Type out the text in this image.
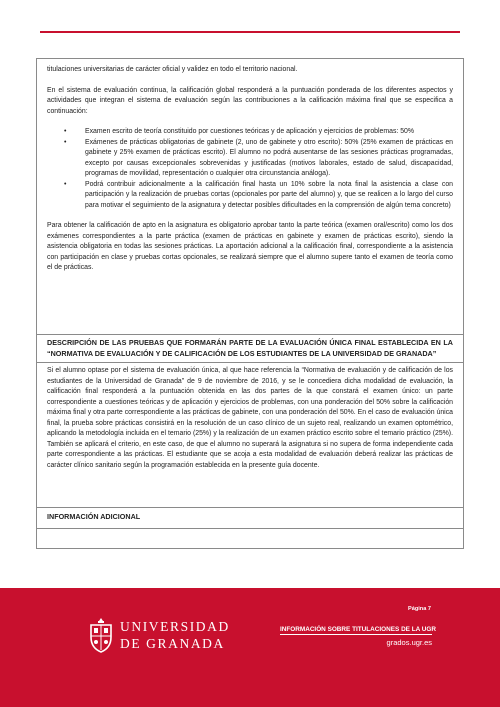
titulaciones universitarias de carácter oficial y validez en todo el territorio nacional.

En el sistema de evaluación continua, la calificación global responderá a la puntuación ponderada de los diferentes aspectos y actividades que integran el sistema de evaluación según las contribuciones a la calificación máxima final que se especifica a continuación:

• Examen escrito de teoría constituido por cuestiones teóricas y de aplicación y ejercicios de problemas: 50%
• Exámenes de prácticas obligatorias de gabinete (2, uno de gabinete y otro escrito): 50% (25% examen de prácticas en gabinete y 25% examen de prácticas escrito). El alumno no podrá ausentarse de las sesiones prácticas programadas, excepto por causas excepcionales sobrevenidas y justificadas (motivos laborales, estado de salud, discapacidad, programas de movilidad, representación o cualquier otra circunstancia análoga).
• Podrá contribuir adicionalmente a la calificación final hasta un 10% sobre la nota final la asistencia a clase con participación y la realización de pruebas cortas (opcionales por parte del alumno) y, que se realicen a lo largo del curso para motivar el seguimiento de la asignatura y detectar posibles dificultades en la comprensión de algún tema concreto)

Para obtener la calificación de apto en la asignatura es obligatorio aprobar tanto la parte teórica (examen oral/escrito) como los dos exámenes correspondientes a la parte práctica (examen de prácticas en gabinete y examen de prácticas escrito), siendo la asistencia obligatoria en todas las sesiones prácticas. La aportación adicional a la calificación final, correspondiente a la asistencia con participación en clase y pruebas cortas opcionales, se realizará siempre que el alumno supere tanto el examen de teoría como el de prácticas.

DESCRIPCIÓN DE LAS PRUEBAS QUE FORMARÁN PARTE DE LA EVALUACIÓN ÚNICA FINAL ESTABLECIDA EN LA “NORMATIVA DE EVALUACIÓN Y DE CALIFICACIÓN DE LOS ESTUDIANTES DE LA UNIVERSIDAD DE GRANADA”

Si el alumno optase por el sistema de evaluación única, al que hace referencia la “Normativa de evaluación y de calificación de los estudiantes de la Universidad de Granada” de 9 de noviembre de 2016, y se le concediera dicha modalidad de evaluación, la calificación final responderá a la puntuación obtenida en las dos partes de la que constará el examen único: un parte correspondiente a cuestiones teóricas y de aplicación y ejercicios de problemas, con una ponderación del 50% sobre la calificación máxima final y otra parte correspondiente a las prácticas de gabinete, con una ponderación del 50%. En el caso de evaluación única final, la prueba sobre prácticas consistirá en la resolución de un caso clínico de un sujeto real, realizando un examen optométrico, aplicando la metodología incluida en el temario (25%) y la realización de un examen práctico escrito sobre el temario práctico (25%). También se aplicará el criterio, en este caso, de que el alumno no superará la asignatura si no supera de forma independiente cada parte correspondiente a las prácticas. El estudiante que se acoja a esta modalidad de evaluación deberá realizar las prácticas de carácter clínico sanitario según la programación establecida en la presente guía docente.

INFORMACIÓN ADICIONAL

UNIVERSIDAD
DE GRANADA
Página 7
INFORMACIÓN SOBRE TITULACIONES DE LA UGR
grados.ugr.es
